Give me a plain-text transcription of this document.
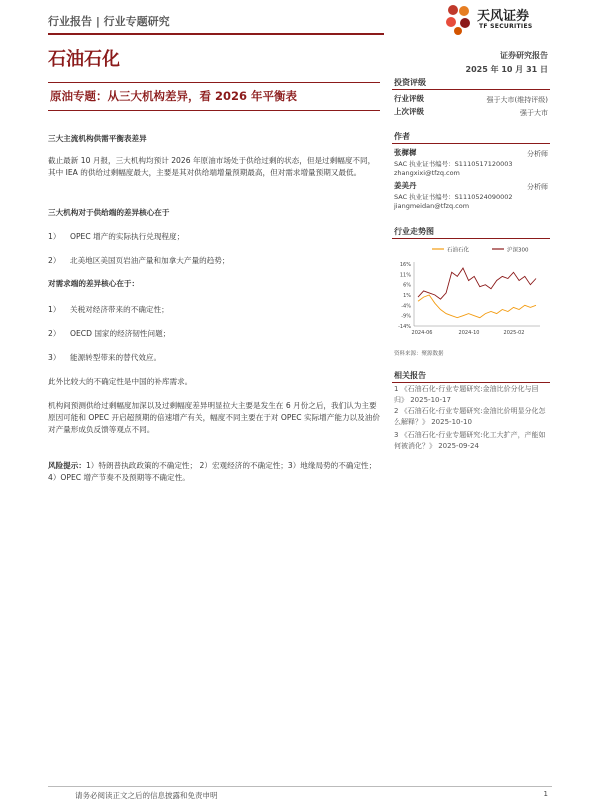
行业报告 | 行业专题研究	天风证券
TF SECURITIES
石油石化	证券研究报告
2025 年 10 月 31 日
原油专题：从三大机构差异，看 2026 年平衡表
三大主流机构供需平衡表差异
截止最新 10 月报，三大机构均预计 2026 年原油市场处于供给过剩的状态，但是过剩幅度不同，其中 IEA 的供给过剩幅度最大，主要是其对供给端增量预期最高，但对需求增量预期又最低。
三大机构对于供给端的差异核心在于
1） OPEC 增产的实际执行兑现程度；
2） 北美地区美国页岩油产量和加拿大产量的趋势；
对需求端的差异核心在于：
1） 关税对经济带来的不确定性；
2） OECD 国家的经济韧性问题；
3） 能源转型带来的替代效应。
此外比较大的不确定性是中国的补库需求。
机构间预测供给过剩幅度加深以及过剩幅度差异明显拉大主要是发生在 6 月份之后，我们认为主要原因可能和 OPEC 开启超预期的倍速增产有关，幅度不同主要在于对 OPEC 实际增产能力以及油价对产量形成负反馈等观点不同。
风险提示：1）特朗普执政政策的不确定性； 2）宏观经济的不确定性；3）地缘局势的不确定性；4）OPEC 增产节奏不及预期等不确定性。
投资评级
行业评级	强于大市(维持评级)
上次评级	强于大市
作者
张樨樨	分析师
SAC 执业证书编号：S1110517120003
zhangxixi@tfzq.com
姜美丹	分析师
SAC 执业证书编号：S1110524090002
jiangmeidan@tfzq.com
行业走势图
石油石化	沪深300
16%
11%
6%
1%
-4%
-9%
-14%
2024-06	2024-10	2025-02
资料来源：聚源数据
相关报告
1 《石油石化-行业专题研究:金油比价分化与回归》 2025-10-17
2 《石油石化-行业专题研究:金油比价明显分化怎么解释？》 2025-10-10
3 《石油石化-行业专题研究:化工大扩产，产能如何被消化？》 2025-09-24
请务必阅读正文之后的信息披露和免责申明	1
